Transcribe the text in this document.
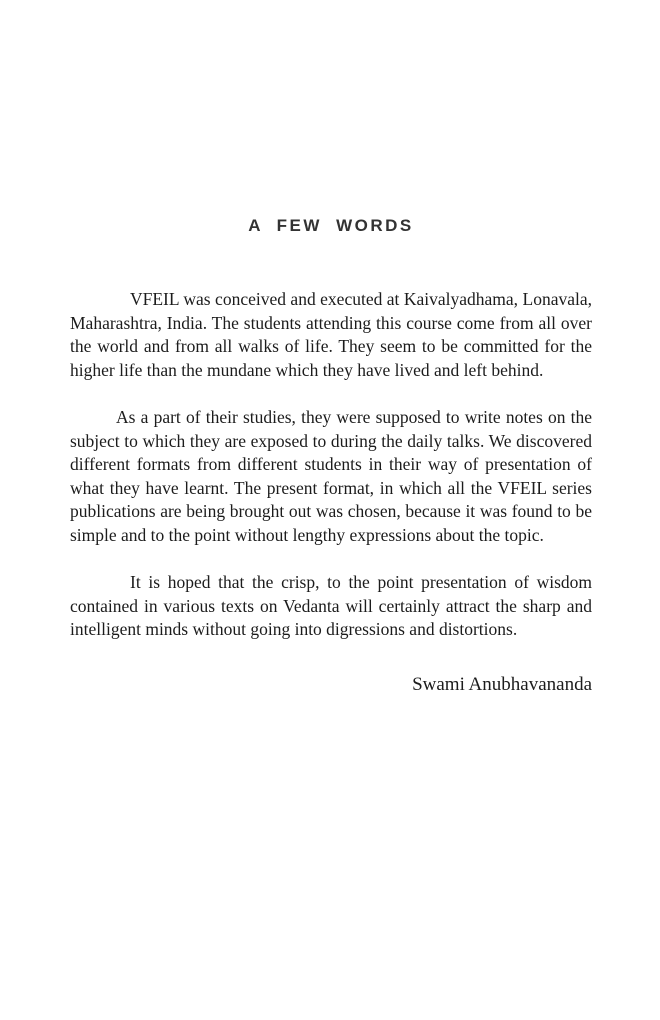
A FEW WORDS

VFEIL was conceived and executed at Kaivalyadhama, Lonavala, Maharashtra, India. The students attending this course come from all over the world and from all walks of life. They seem to be committed for the higher life than the mundane which they have lived and left behind.

As a part of their studies, they were supposed to write notes on the subject to which they are exposed to during the daily talks. We discovered different formats from different students in their way of presentation of what they have learnt. The present format, in which all the VFEIL series publications are being brought out was chosen, because it was found to be simple and to the point without lengthy expressions about the topic.

It is hoped that the crisp, to the point presentation of wisdom contained in various texts on Vedanta will certainly attract the sharp and intelligent minds without going into digressions and distortions.

Swami Anubhavananda
